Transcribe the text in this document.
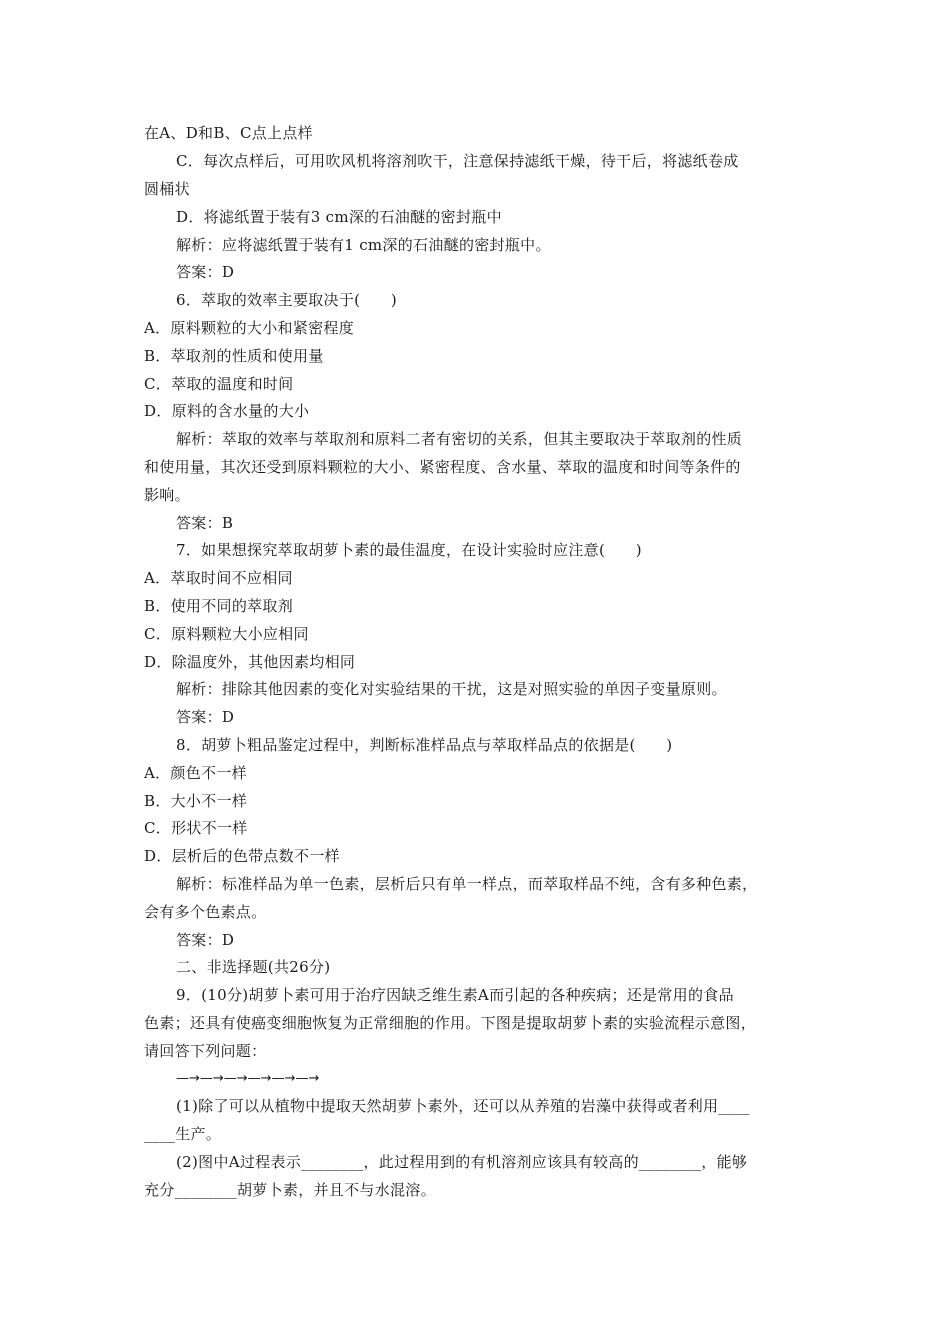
在A、D和B、C点上点样
C．每次点样后，可用吹风机将溶剂吹干，注意保持滤纸干燥，待干后，将滤纸卷成
圆桶状
D．将滤纸置于装有3 cm深的石油醚的密封瓶中
解析：应将滤纸置于装有1 cm深的石油醚的密封瓶中。
答案：D
6．萃取的效率主要取决于(　　)
A．原料颗粒的大小和紧密程度
B．萃取剂的性质和使用量
C．萃取的温度和时间
D．原料的含水量的大小
解析：萃取的效率与萃取剂和原料二者有密切的关系，但其主要取决于萃取剂的性质
和使用量，其次还受到原料颗粒的大小、紧密程度、含水量、萃取的温度和时间等条件的
影响。
答案：B
7．如果想探究萃取胡萝卜素的最佳温度，在设计实验时应注意(　　)
A．萃取时间不应相同
B．使用不同的萃取剂
C．原料颗粒大小应相同
D．除温度外，其他因素均相同
解析：排除其他因素的变化对实验结果的干扰，这是对照实验的单因子变量原则。
答案：D
8．胡萝卜粗品鉴定过程中，判断标准样品点与萃取样品点的依据是(　　)
A．颜色不一样
B．大小不一样
C．形状不一样
D．层析后的色带点数不一样
解析：标准样品为单一色素，层析后只有单一样点，而萃取样品不纯，含有多种色素，
会有多个色素点。
答案：D
二、非选择题(共26分)
9．(10分)胡萝卜素可用于治疗因缺乏维生素A而引起的各种疾病；还是常用的食品
色素；还具有使癌变细胞恢复为正常细胞的作用。下图是提取胡萝卜素的实验流程示意图，
请回答下列问题：
—→—→—→—→—→—→
(1)除了可以从植物中提取天然胡萝卜素外，还可以从养殖的岩藻中获得或者利用____
____生产。
(2)图中A过程表示________，此过程用到的有机溶剂应该具有较高的________，能够
充分________胡萝卜素，并且不与水混溶。
